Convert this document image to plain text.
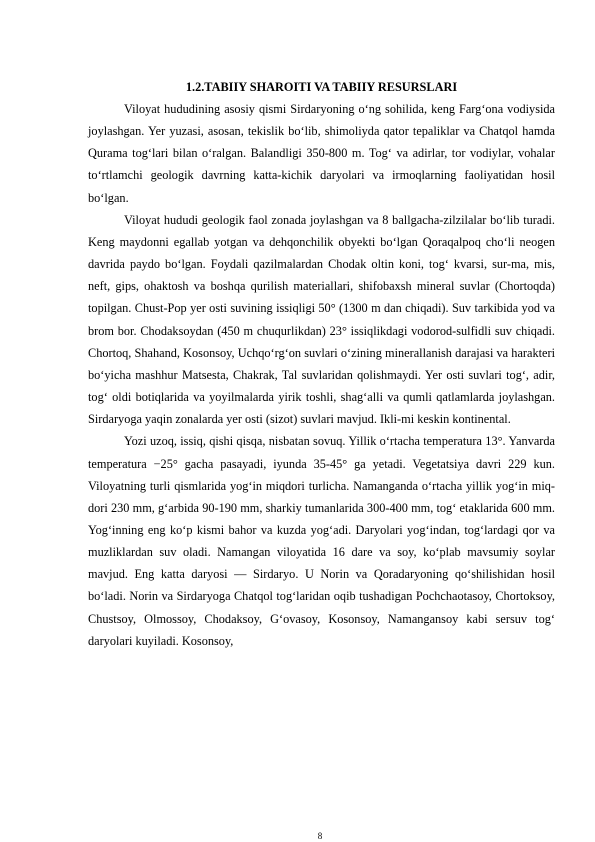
1.2.TABIIY SHAROITI VA TABIIY RESURSLARI

Viloyat hududining asosiy qismi Sirdaryoning oʻng sohilida, keng Fargʻona vodiysida joylashgan. Yer yuzasi, asosan, tekislik boʻlib, shimoliyda qator tepaliklar va Chatqol hamda Qurama togʻlari bilan oʻralgan. Balandligi 350-800 m. Togʻ va adirlar, tor vodiylar, vohalar toʻrtlamchi geologik davrning katta-kichik daryolari va irmoqlarning faoliyatidan hosil boʻlgan.

Viloyat hududi geologik faol zonada joylashgan va 8 ballgacha-zilzilalar boʻlib turadi. Keng maydonni egallab yotgan va dehqonchilik obyekti boʻlgan Qoraqalpoq choʻli neogen davrida paydo boʻlgan. Foydali qazilmalardan Chodak oltin koni, togʻ kvarsi, sur-ma, mis, neft, gips, ohaktosh va boshqa qurilish materiallari, shifobaxsh mineral suvlar (Chortoqda) topilgan. Chust-Pop yer osti suvining issiqligi 50° (1300 m dan chiqadi). Suv tarkibida yod va brom bor. Chodaksoydan (450 m chuqurlikdan) 23° issiqlikdagi vodorod-sulfidli suv chiqadi. Chortoq, Shahand, Kosonsoy, Uchqoʻrgʻon suvlari oʻzining minerallanish darajasi va harakteri boʻyicha mashhur Matsesta, Chakrak, Tal suvlaridan qolishmaydi. Yer osti suvlari togʻ, adir, togʻ oldi botiqlarida va yoyilmalarda yirik toshli, shagʻalli va qumli qatlamlarda joylashgan. Sirdaryoga yaqin zonalarda yer osti (sizot) suvlari mavjud. Ikli-mi keskin kontinental.

Yozi uzoq, issiq, qishi qisqa, nisbatan sovuq. Yillik oʻrtacha temperatura 13°. Yanvarda temperatura −25° gacha pasayadi, iyunda 35-45° ga yetadi. Vegetatsiya davri 229 kun. Viloyatning turli qismlarida yogʻin miqdori turlicha. Namanganda oʻrtacha yillik yogʻin miq-dori 230 mm, gʻarbida 90-190 mm, sharkiy tumanlarida 300-400 mm, togʻ etaklarida 600 mm. Yogʻinning eng koʻp kismi bahor va kuzda yogʻadi. Daryolari yogʻindan, togʻlardagi qor va muzliklardan suv oladi. Namangan viloyatida 16 dare va soy, koʻplab mavsumiy soylar mavjud. Eng katta daryosi — Sirdaryo. U Norin va Qoradaryoning qoʻshilishidan hosil boʻladi. Norin va Sirdaryoga Chatqol togʻlaridan oqib tushadigan Pochchaotasoy, Chortoksoy, Chustsoy, Olmossoy, Chodaksoy, Gʻovasoy, Kosonsoy, Namangansoy kabi sersuv togʻ daryolari kuyiladi. Kosonsoy,

8
